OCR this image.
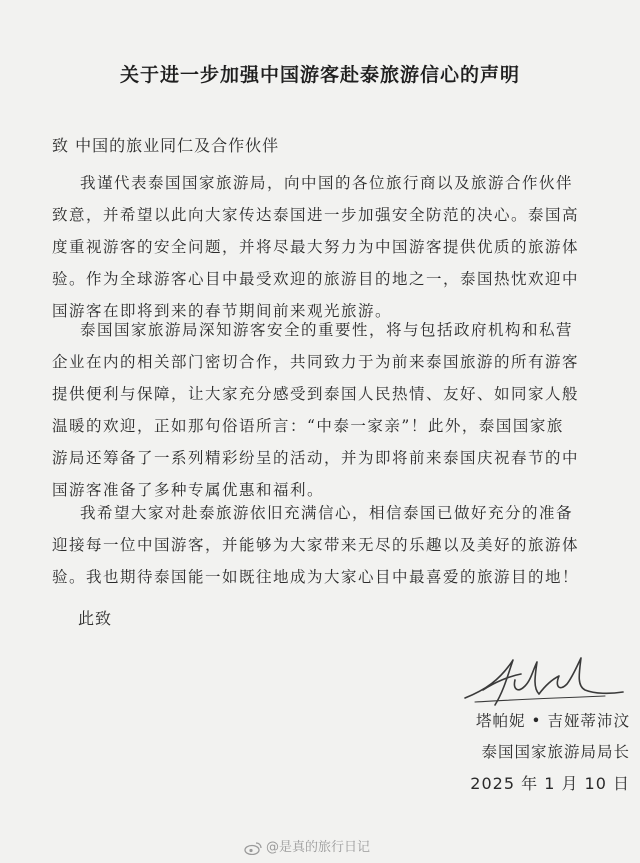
关于进一步加强中国游客赴泰旅游信心的声明
致 中国的旅业同仁及合作伙伴
我谨代表泰国国家旅游局，向中国的各位旅行商以及旅游合作伙伴
致意，并希望以此向大家传达泰国进一步加强安全防范的决心。泰国高
度重视游客的安全问题，并将尽最大努力为中国游客提供优质的旅游体
验。作为全球游客心目中最受欢迎的旅游目的地之一，泰国热忱欢迎中
国游客在即将到来的春节期间前来观光旅游。
泰国国家旅游局深知游客安全的重要性，将与包括政府机构和私营
企业在内的相关部门密切合作，共同致力于为前来泰国旅游的所有游客
提供便利与保障，让大家充分感受到泰国人民热情、友好、如同家人般
温暖的欢迎，正如那句俗语所言：“中泰一家亲”！此外，泰国国家旅
游局还筹备了一系列精彩纷呈的活动，并为即将前来泰国庆祝春节的中
国游客准备了多种专属优惠和福利。
我希望大家对赴泰旅游依旧充满信心，相信泰国已做好充分的准备
迎接每一位中国游客，并能够为大家带来无尽的乐趣以及美好的旅游体
验。我也期待泰国能一如既往地成为大家心目中最喜爱的旅游目的地！
此致
塔帕妮 • 吉娅蒂沛汶
泰国国家旅游局局长
2025 年 1 月 10 日
@是真的旅行日记
